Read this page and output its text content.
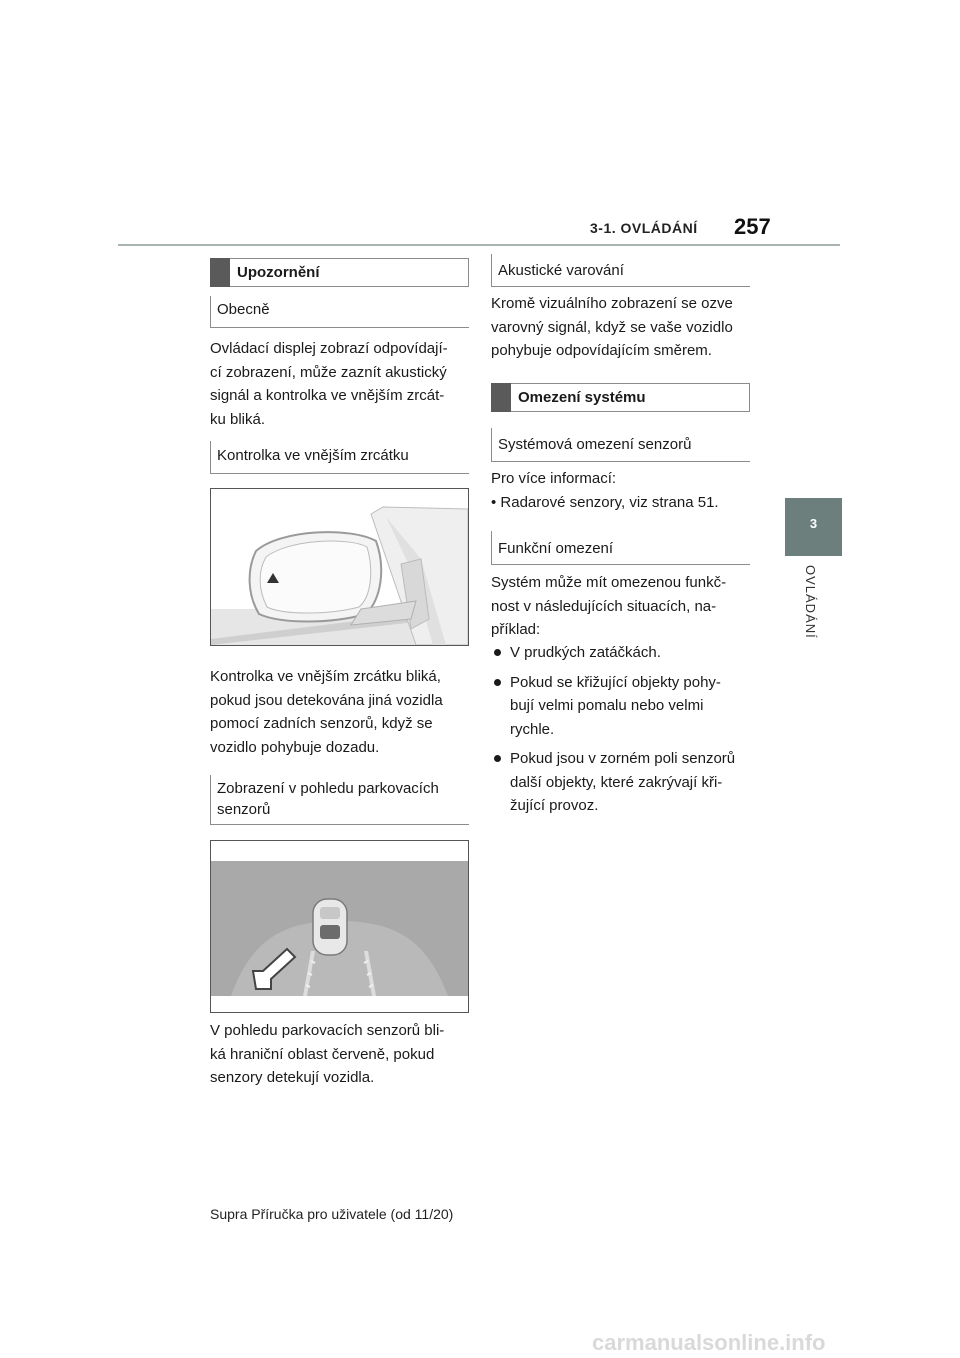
3-1. OVLÁDÁNÍ 257
3
OVLÁDÁNÍ
Upozornění
Obecně
Ovládací displej zobrazí odpovídají-
cí zobrazení, může zaznít akustický
signál a kontrolka ve vnějším zrcát-
ku bliká.
Kontrolka ve vnějším zrcátku
Kontrolka ve vnějším zrcátku bliká,
pokud jsou detekována jiná vozidla
pomocí zadních senzorů, když se
vozidlo pohybuje dozadu.
Zobrazení v pohledu parkovacích
senzorů
V pohledu parkovacích senzorů bli-
ká hraniční oblast červeně, pokud
senzory detekují vozidla.
Akustické varování
Kromě vizuálního zobrazení se ozve
varovný signál, když se vaše vozidlo
pohybuje odpovídajícím směrem.
Omezení systému
Systémová omezení senzorů
Pro více informací:
• Radarové senzory, viz strana 51.
Funkční omezení
Systém může mít omezenou funkč-
nost v následujících situacích, na-
příklad:
V prudkých zatáčkách.
Pokud se křižující objekty pohy-
bují velmi pomalu nebo velmi
rychle.
Pokud jsou v zorném poli senzorů
další objekty, které zakrývají kři-
žující provoz.
Supra Příručka pro uživatele (od 11/20)
carmanualsonline.info
